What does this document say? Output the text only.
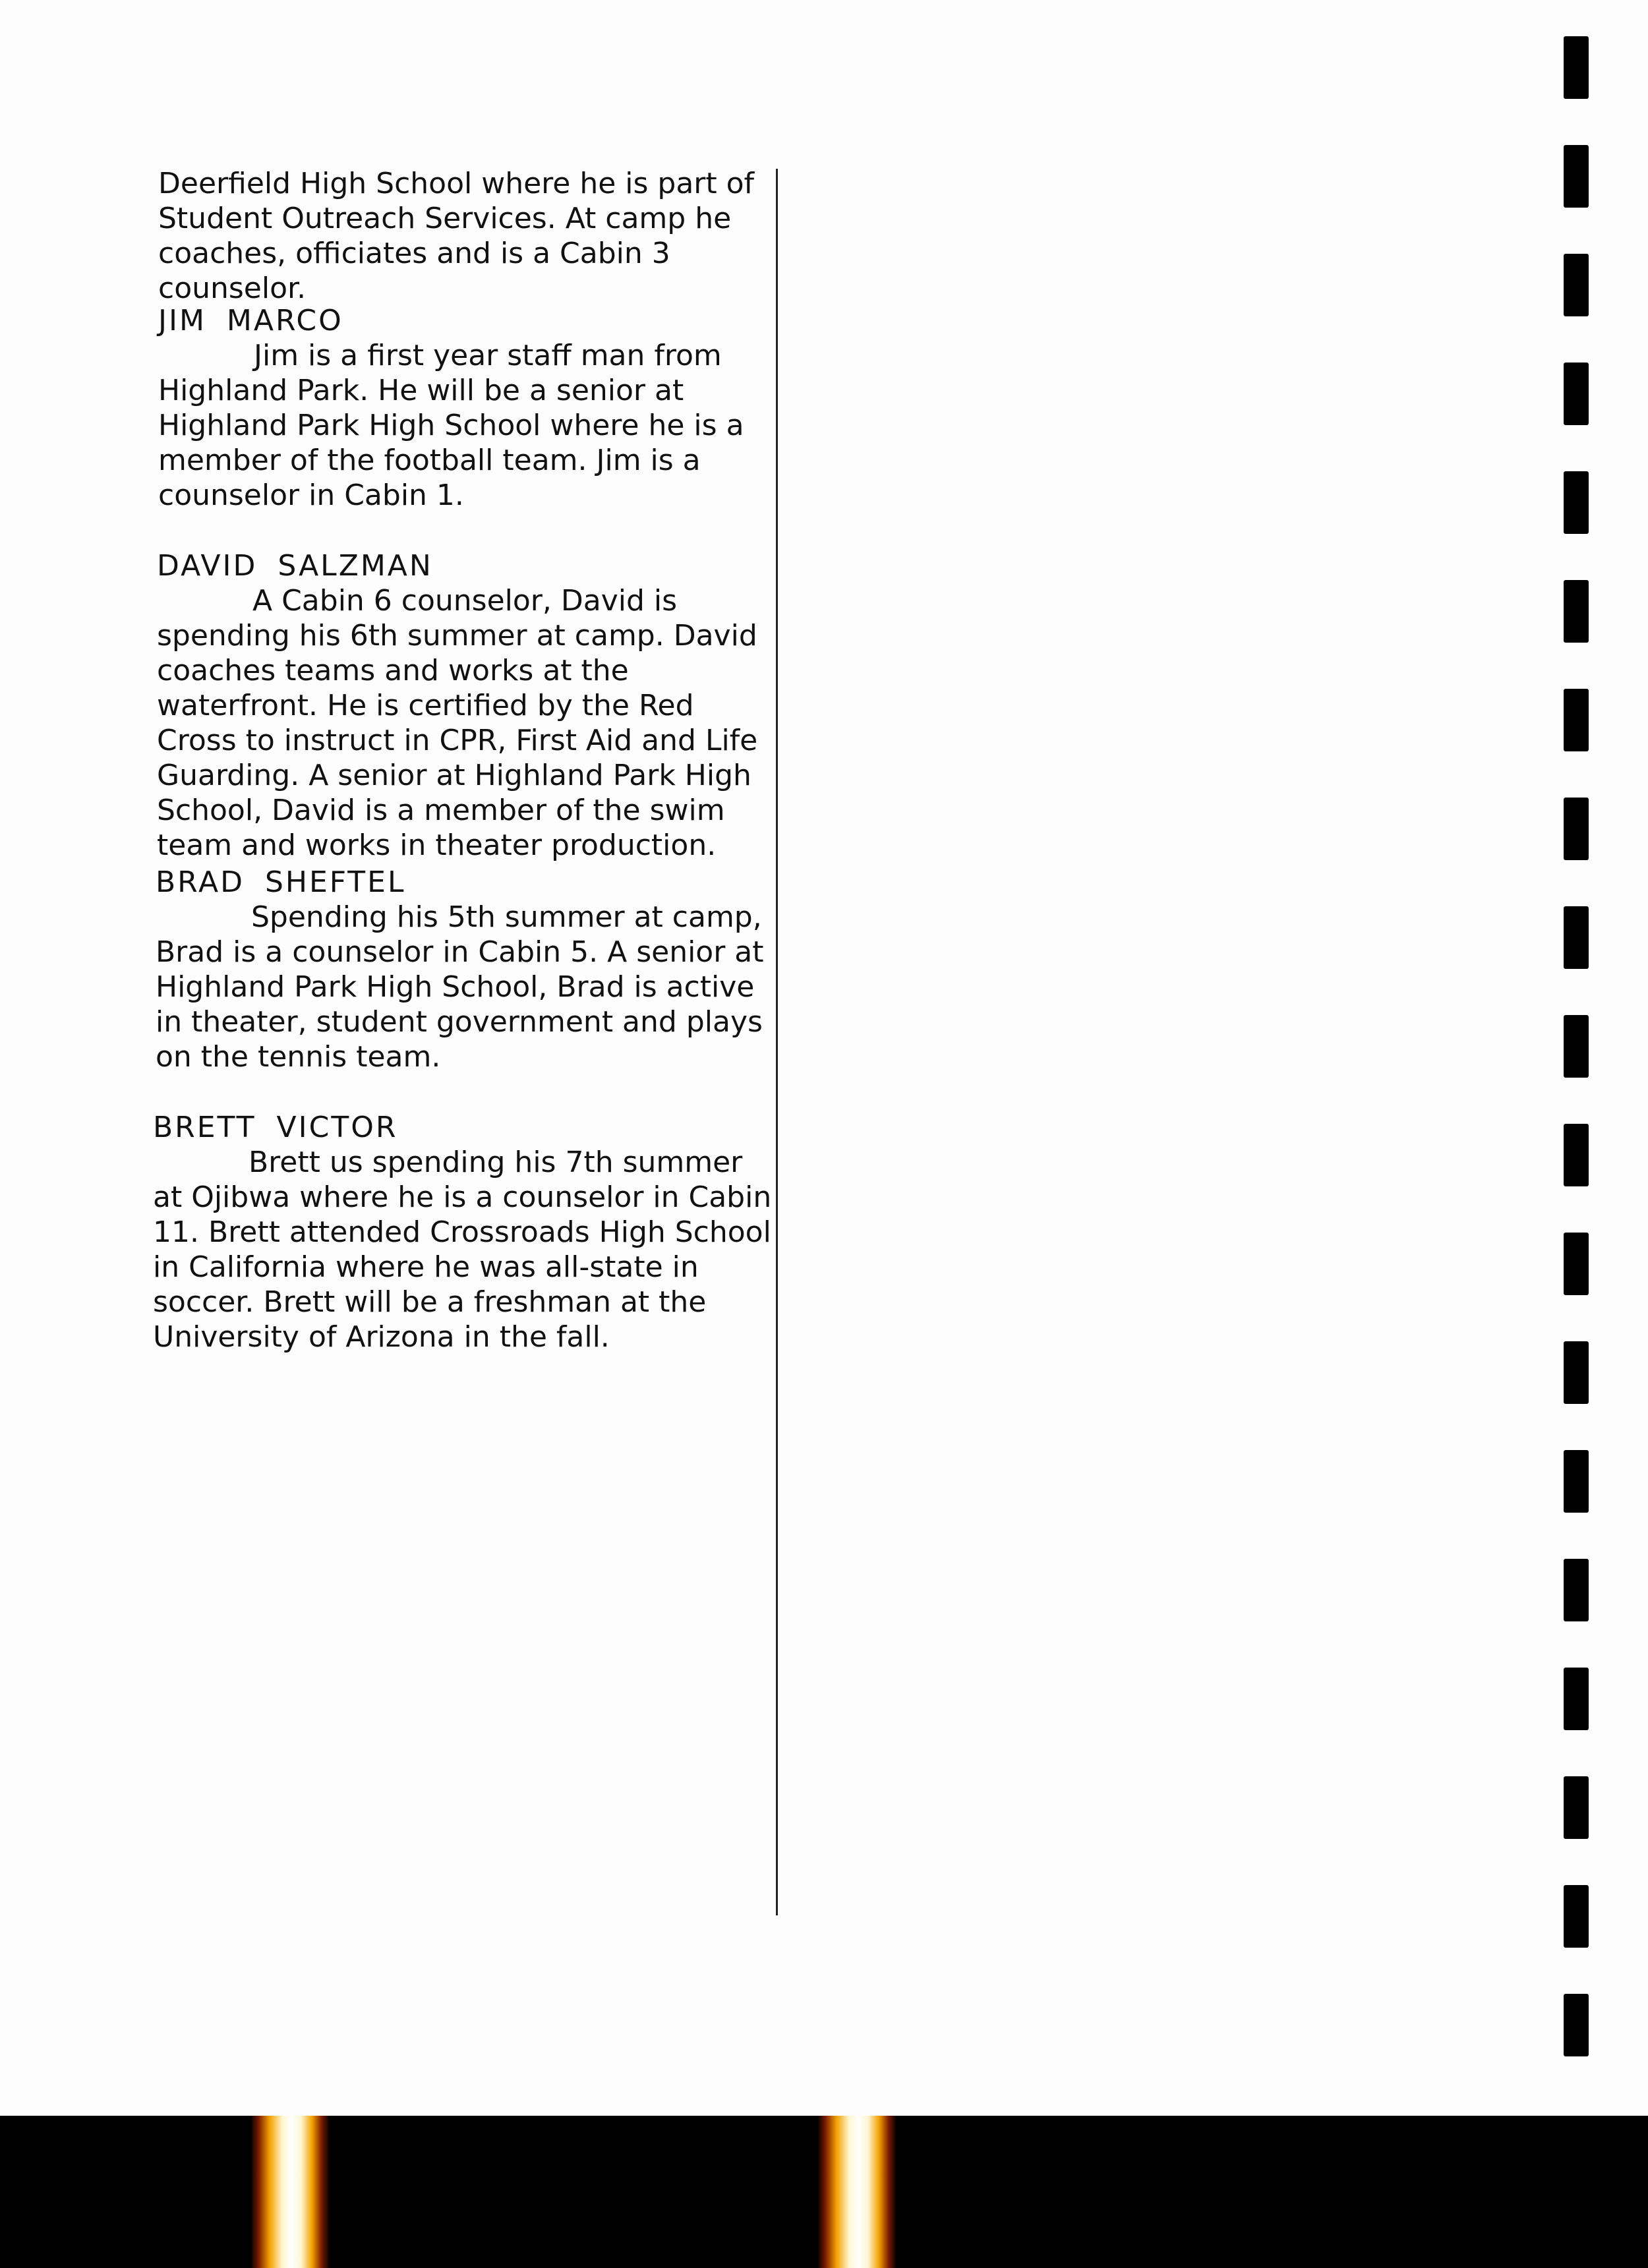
Deerfield High School where he is part of Student Outreach Services. At camp he coaches, officiates and is a Cabin 3 counselor.
JIM MARCO
Jim is a first year staff man from Highland Park. He will be a senior at Highland Park High School where he is a member of the football team. Jim is a counselor in Cabin 1.
DAVID SALZMAN
A Cabin 6 counselor, David is spending his 6th summer at camp. David coaches teams and works at the waterfront. He is certified by the Red Cross to instruct in CPR, First Aid and Life Guarding. A senior at Highland Park High School, David is a member of the swim team and works in theater production.
BRAD SHEFTEL
Spending his 5th summer at camp, Brad is a counselor in Cabin 5. A senior at Highland Park High School, Brad is active in theater, student government and plays on the tennis team.
BRETT VICTOR
Brett us spending his 7th summer at Ojibwa where he is a counselor in Cabin 11. Brett attended Crossroads High School in California where he was all-state in soccer. Brett will be a freshman at the University of Arizona in the fall.
